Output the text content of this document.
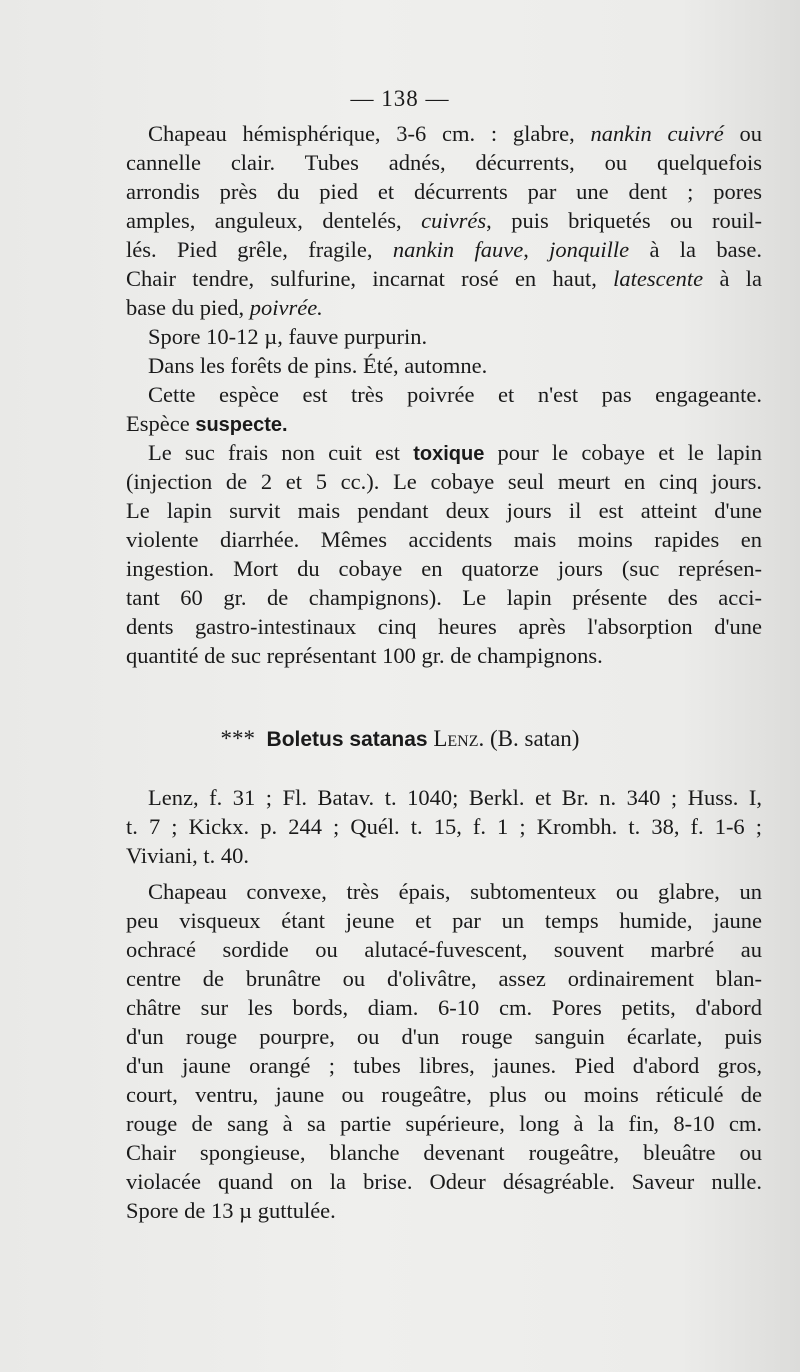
— 138 —
Chapeau hémisphérique, 3-6 cm. : glabre, nankin cuivré ou
cannelle clair. Tubes adnés, décurrents, ou quelquefois
arrondis près du pied et décurrents par une dent ; pores
amples, anguleux, dentelés, cuivrés, puis briquetés ou rouil-
lés. Pied grêle, fragile, nankin fauve, jonquille à la base.
Chair tendre, sulfurine, incarnat rosé en haut, latescente à la
base du pied, poivrée.
Spore 10-12 µ, fauve purpurin.
Dans les forêts de pins. Été, automne.
Cette espèce est très poivrée et n'est pas engageante.
Espèce suspecte.
Le suc frais non cuit est toxique pour le cobaye et le lapin
(injection de 2 et 5 cc.). Le cobaye seul meurt en cinq jours.
Le lapin survit mais pendant deux jours il est atteint d'une
violente diarrhée. Mêmes accidents mais moins rapides en
ingestion. Mort du cobaye en quatorze jours (suc représen-
tant 60 gr. de champignons). Le lapin présente des acci-
dents gastro-intestinaux cinq heures après l'absorption d'une
quantité de suc représentant 100 gr. de champignons.
*** Boletus satanas Lenz. (B. satan)
Lenz, f. 31 ; Fl. Batav. t. 1040; Berkl. et Br. n. 340 ; Huss. I,
t. 7 ; Kickx. p. 244 ; Quél. t. 15, f. 1 ; Krombh. t. 38, f. 1-6 ;
Viviani, t. 40.
Chapeau convexe, très épais, subtomenteux ou glabre, un
peu visqueux étant jeune et par un temps humide, jaune
ochracé sordide ou alutacé-fuvescent, souvent marbré au
centre de brunâtre ou d'olivâtre, assez ordinairement blan-
châtre sur les bords, diam. 6-10 cm. Pores petits, d'abord
d'un rouge pourpre, ou d'un rouge sanguin écarlate, puis
d'un jaune orangé ; tubes libres, jaunes. Pied d'abord gros,
court, ventru, jaune ou rougeâtre, plus ou moins réticulé de
rouge de sang à sa partie supérieure, long à la fin, 8-10 cm.
Chair spongieuse, blanche devenant rougeâtre, bleuâtre ou
violacée quand on la brise. Odeur désagréable. Saveur nulle.
Spore de 13 µ guttulée.
